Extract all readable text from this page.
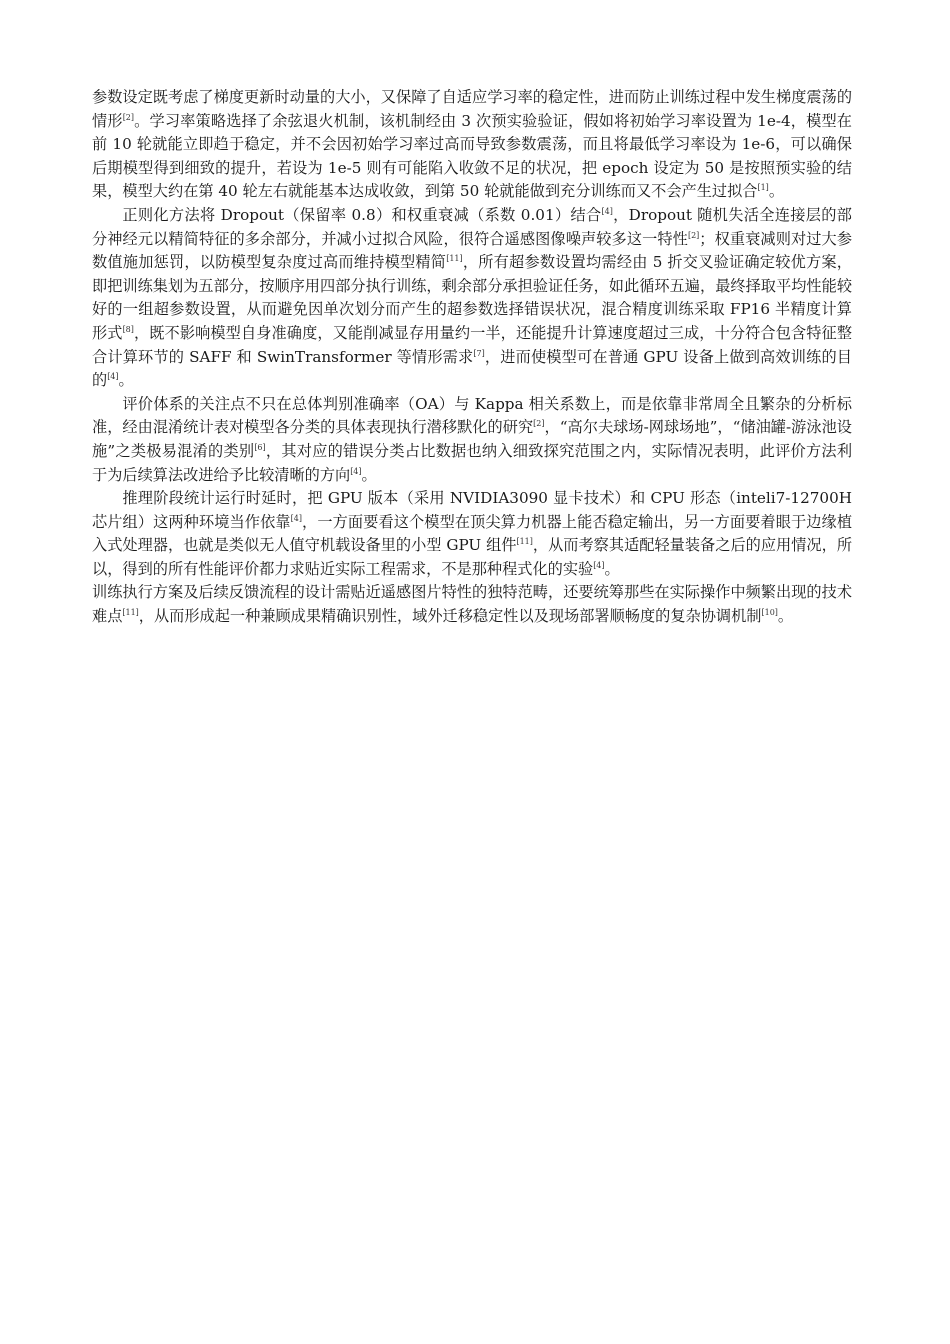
参数设定既考虑了梯度更新时动量的大小，又保障了自适应学习率的稳定性，进而防止训练过程中发生梯度震荡的情形[2]。学习率策略选择了余弦退火机制，该机制经由 3 次预实验验证，假如将初始学习率设置为 1e-4，模型在前 10 轮就能立即趋于稳定，并不会因初始学习率过高而导致参数震荡，而且将最低学习率设为 1e-6，可以确保后期模型得到细致的提升，若设为 1e-5 则有可能陷入收敛不足的状况，把 epoch 设定为 50 是按照预实验的结果，模型大约在第 40 轮左右就能基本达成收敛，到第 50 轮就能做到充分训练而又不会产生过拟合[1]。

正则化方法将 Dropout（保留率 0.8）和权重衰减（系数 0.01）结合[4]，Dropout 随机失活全连接层的部分神经元以精简特征的多余部分，并减小过拟合风险，很符合遥感图像噪声较多这一特性[2]；权重衰减则对过大参数值施加惩罚，以防模型复杂度过高而维持模型精简[11]，所有超参数设置均需经由 5 折交叉验证确定较优方案，即把训练集划为五部分，按顺序用四部分执行训练，剩余部分承担验证任务，如此循环五遍，最终择取平均性能较好的一组超参数设置，从而避免因单次划分而产生的超参数选择错误状况，混合精度训练采取 FP16 半精度计算形式[8]，既不影响模型自身准确度，又能削减显存用量约一半，还能提升计算速度超过三成，十分符合包含特征整合计算环节的 SAFF 和 SwinTransformer 等情形需求[7]，进而使模型可在普通 GPU 设备上做到高效训练的目的[4]。

评价体系的关注点不只在总体判别准确率（OA）与 Kappa 相关系数上，而是依靠非常周全且繁杂的分析标准，经由混淆统计表对模型各分类的具体表现执行潜移默化的研究[2]，“高尔夫球场-网球场地”，“储油罐-游泳池设施”之类极易混淆的类别[6]，其对应的错误分类占比数据也纳入细致探究范围之内，实际情况表明，此评价方法利于为后续算法改进给予比较清晰的方向[4]。

推理阶段统计运行时延时，把 GPU 版本（采用 NVIDIA3090 显卡技术）和 CPU 形态（inteli7-12700H 芯片组）这两种环境当作依靠[4]，一方面要看这个模型在顶尖算力机器上能否稳定输出，另一方面要着眼于边缘植入式处理器，也就是类似无人值守机载设备里的小型 GPU 组件[11]，从而考察其适配轻量装备之后的应用情况，所以，得到的所有性能评价都力求贴近实际工程需求，不是那种程式化的实验[4]。

训练执行方案及后续反馈流程的设计需贴近遥感图片特性的独特范畴，还要统筹那些在实际操作中频繁出现的技术难点[11]，从而形成起一种兼顾成果精确识别性，域外迁移稳定性以及现场部署顺畅度的复杂协调机制[10]。
